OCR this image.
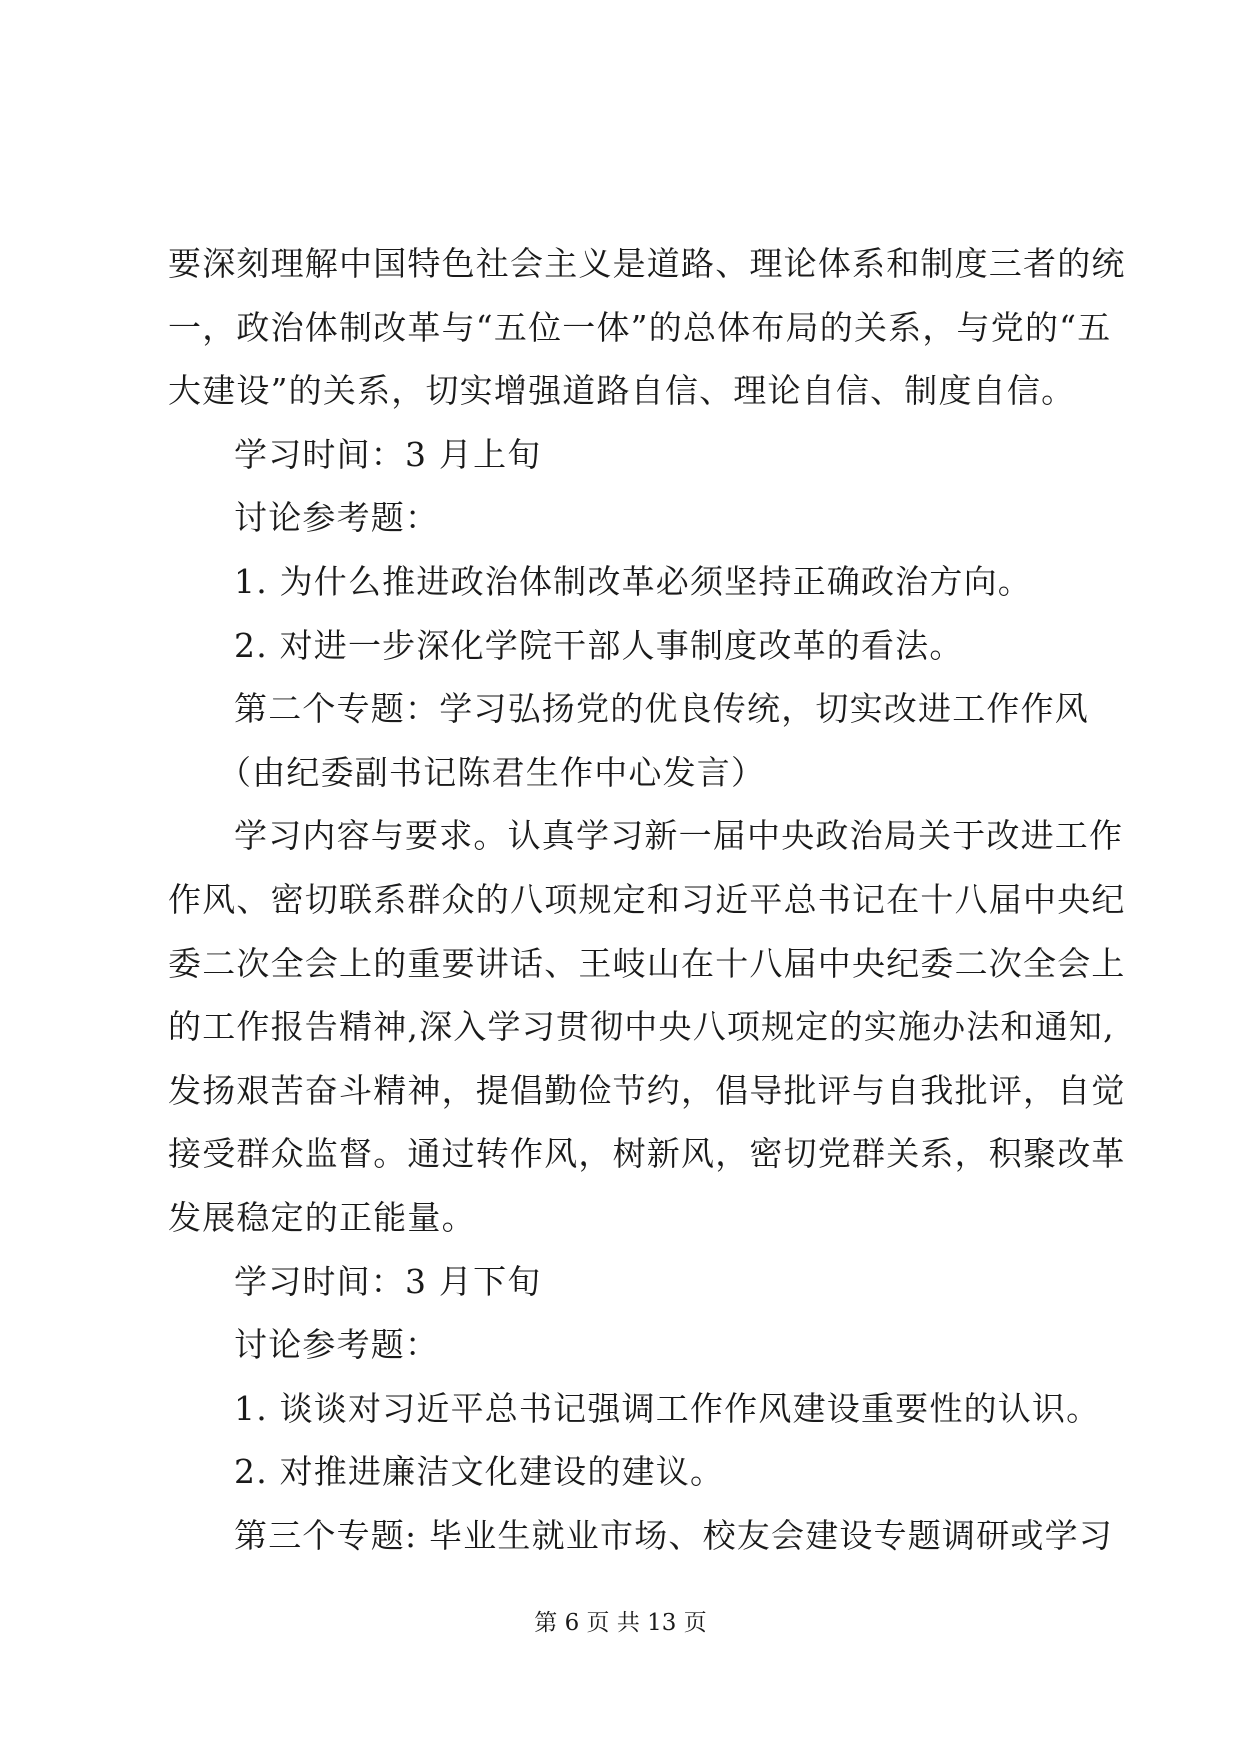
要深刻理解中国特色社会主义是道路、理论体系和制度三者的统
一，政治体制改革与“五位一体”的总体布局的关系，与党的“五
大建设”的关系，切实增强道路自信、理论自信、制度自信。
学习时间：3 月上旬
讨论参考题：
1. 为什么推进政治体制改革必须坚持正确政治方向。
2. 对进一步深化学院干部人事制度改革的看法。
第二个专题：学习弘扬党的优良传统，切实改进工作作风
（由纪委副书记陈君生作中心发言）
学习内容与要求。认真学习新一届中央政治局关于改进工作
作风、密切联系群众的八项规定和习近平总书记在十八届中央纪
委二次全会上的重要讲话、王岐山在十八届中央纪委二次全会上
的工作报告精神,深入学习贯彻中央八项规定的实施办法和通知,
发扬艰苦奋斗精神，提倡勤俭节约，倡导批评与自我批评，自觉
接受群众监督。通过转作风，树新风，密切党群关系，积聚改革
发展稳定的正能量。
学习时间：3 月下旬
讨论参考题：
1. 谈谈对习近平总书记强调工作作风建设重要性的认识。
2. 对推进廉洁文化建设的建议。
第三个专题: 毕业生就业市场、校友会建设专题调研或学习
第 6 页 共 13 页
